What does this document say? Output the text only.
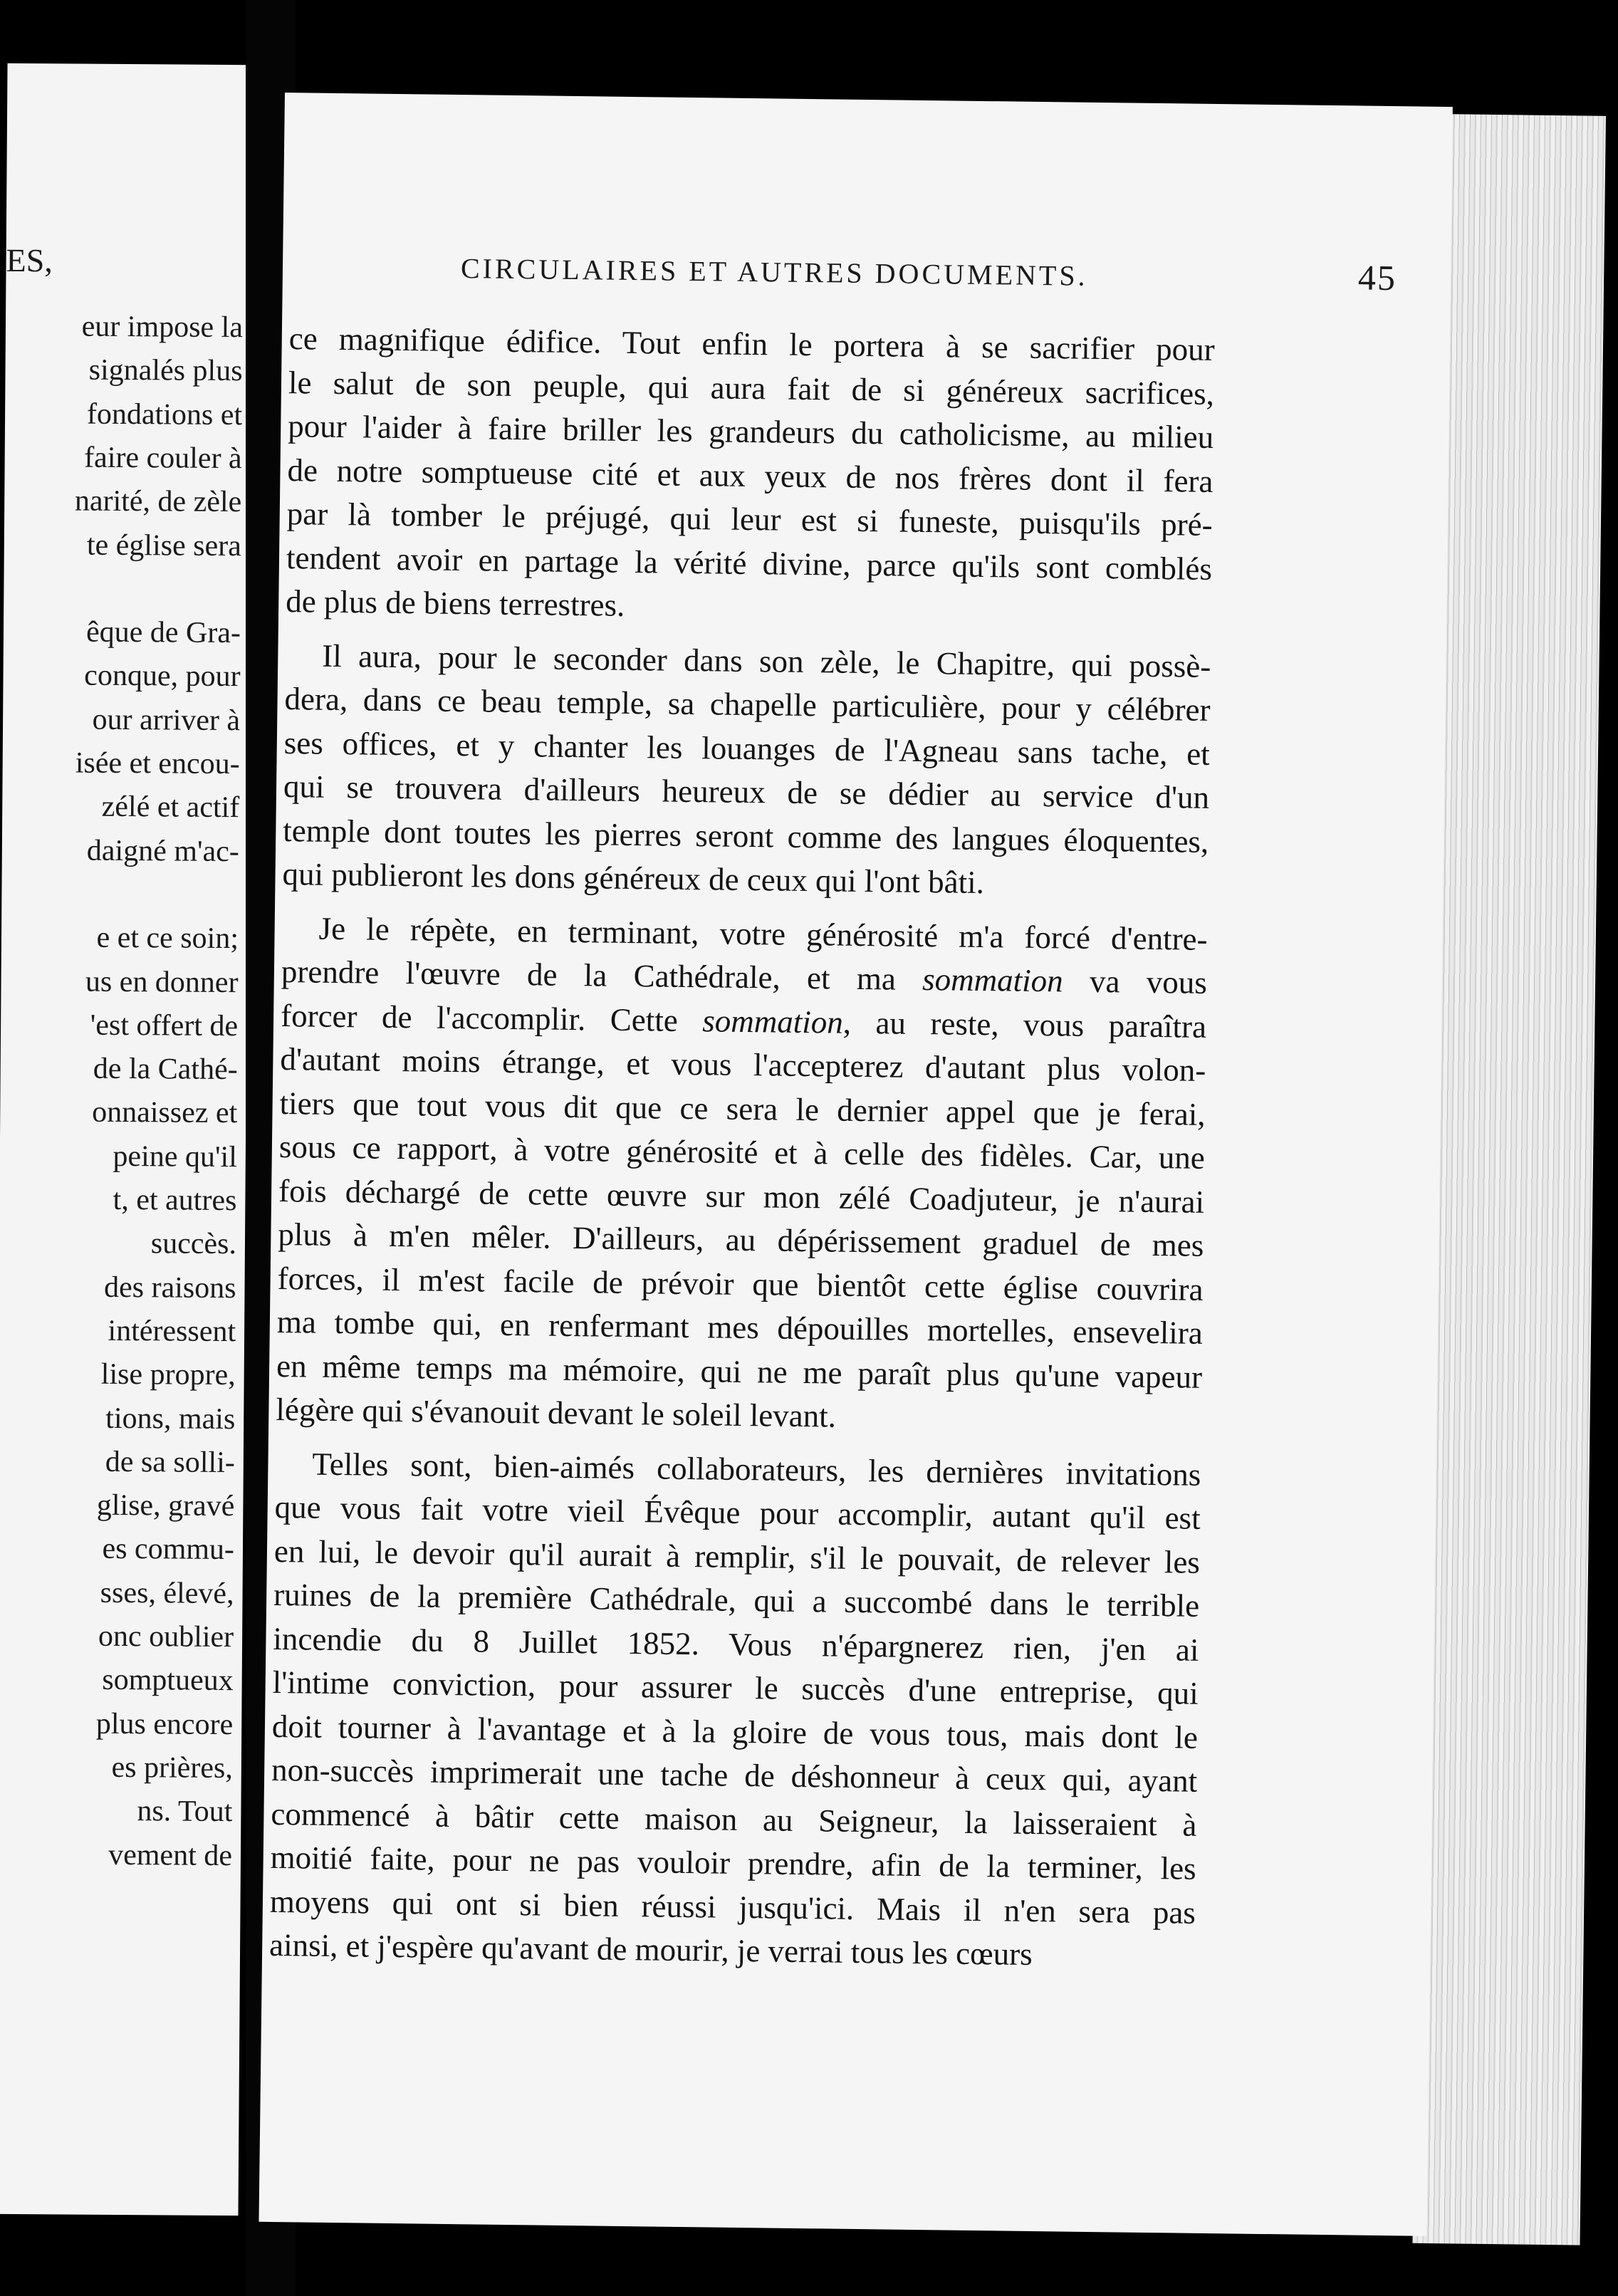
ES,
eur impose la
signalés plus
fondations et
faire couler à
narité, de zèle
te église sera
êque de Gra-
conque, pour
our arriver à
isée et encou-
zélé et actif
daigné m'ac-
e et ce soin;
us en donner
'est offert de
de la Cathé-
onnaissez et
peine qu'il
t, et autres
succès.
des raisons
intéressent
lise propre,
tions, mais
de sa solli-
glise, gravé
es commu-
sses, élevé,
onc oublier
somptueux
plus encore
es prières,
ns. Tout
vement de
CIRCULAIRES ET AUTRES DOCUMENTS.	45
ce magnifique édifice. Tout enfin le portera à se sacrifier pour
le salut de son peuple, qui aura fait de si généreux sacrifices,
pour l'aider à faire briller les grandeurs du catholicisme, au milieu
de notre somptueuse cité et aux yeux de nos frères dont il fera
par là tomber le préjugé, qui leur est si funeste, puisqu'ils pré-
tendent avoir en partage la vérité divine, parce qu'ils sont comblés
de plus de biens terrestres.
Il aura, pour le seconder dans son zèle, le Chapitre, qui possè-
dera, dans ce beau temple, sa chapelle particulière, pour y célébrer
ses offices, et y chanter les louanges de l'Agneau sans tache, et
qui se trouvera d'ailleurs heureux de se dédier au service d'un
temple dont toutes les pierres seront comme des langues éloquentes,
qui publieront les dons généreux de ceux qui l'ont bâti.
Je le répète, en terminant, votre générosité m'a forcé d'entre-
prendre l'œuvre de la Cathédrale, et ma sommation va vous
forcer de l'accomplir. Cette sommation, au reste, vous paraîtra
d'autant moins étrange, et vous l'accepterez d'autant plus volon-
tiers que tout vous dit que ce sera le dernier appel que je ferai,
sous ce rapport, à votre générosité et à celle des fidèles. Car, une
fois déchargé de cette œuvre sur mon zélé Coadjuteur, je n'aurai
plus à m'en mêler. D'ailleurs, au dépérissement graduel de mes
forces, il m'est facile de prévoir que bientôt cette église couvrira
ma tombe qui, en renfermant mes dépouilles mortelles, ensevelira
en même temps ma mémoire, qui ne me paraît plus qu'une vapeur
légère qui s'évanouit devant le soleil levant.
Telles sont, bien-aimés collaborateurs, les dernières invitations
que vous fait votre vieil Évêque pour accomplir, autant qu'il est
en lui, le devoir qu'il aurait à remplir, s'il le pouvait, de relever les
ruines de la première Cathédrale, qui a succombé dans le terrible
incendie du 8 Juillet 1852. Vous n'épargnerez rien, j'en ai
l'intime conviction, pour assurer le succès d'une entreprise, qui
doit tourner à l'avantage et à la gloire de vous tous, mais dont le
non-succès imprimerait une tache de déshonneur à ceux qui, ayant
commencé à bâtir cette maison au Seigneur, la laisseraient à
moitié faite, pour ne pas vouloir prendre, afin de la terminer, les
moyens qui ont si bien réussi jusqu'ici. Mais il n'en sera pas
ainsi, et j'espère qu'avant de mourir, je verrai tous les cœurs
